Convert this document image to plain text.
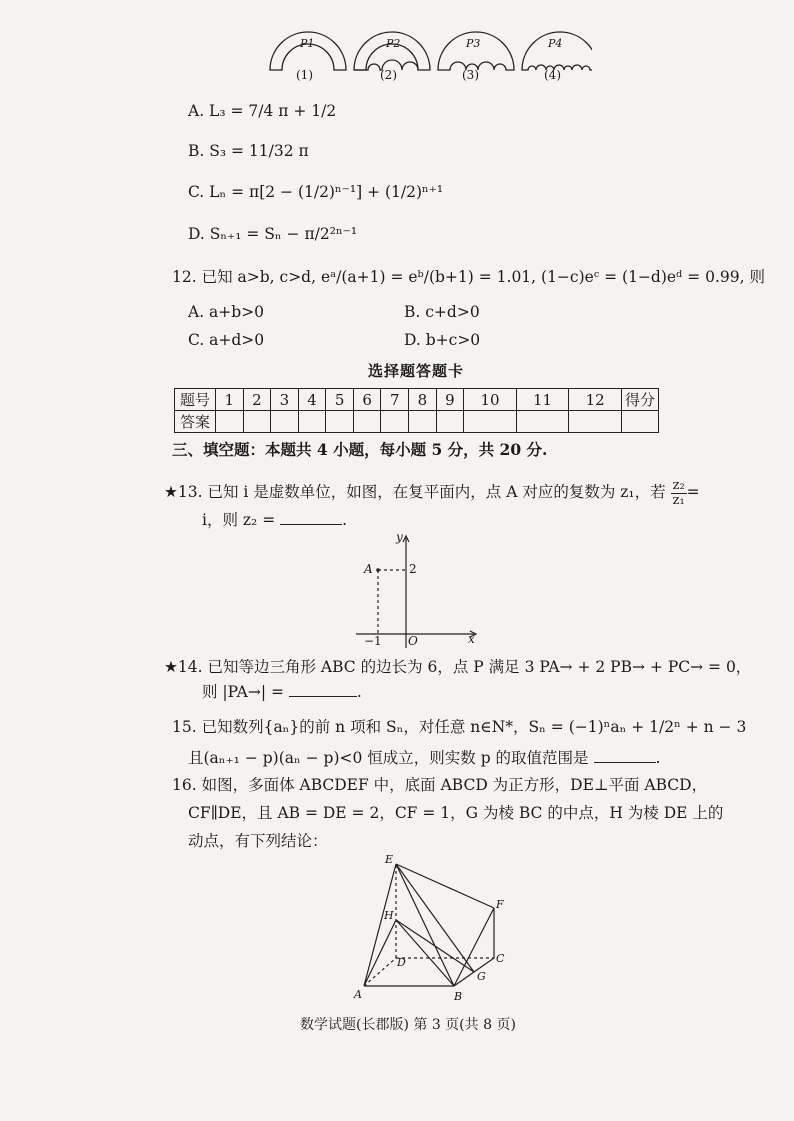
P1	P2	P3	P4
(1)	(2)	(3)	(4)
A. L₃ = 7/4 π + 1/2
B. S₃ = 11/32 π
C. Lₙ = π[2 − (1/2)ⁿ⁻¹] + (1/2)ⁿ⁺¹
D. Sₙ₊₁ = Sₙ − π/2²ⁿ⁻¹
12. 已知 a>b, c>d, eᵃ/(a+1) = eᵇ/(b+1) = 1.01, (1−c)eᶜ = (1−d)eᵈ = 0.99, 则
A. a+b>0	B. c+d>0
C. a+d>0	D. b+c>0
选择题答题卡
题号	1	2	3	4	5	6	7	8	9	10	11	12	得分
答案													
三、填空题：本题共 4 小题，每小题 5 分，共 20 分.
★13. 已知 i 是虚数单位，如图，在复平面内，点 A 对应的复数为 z₁，若 $\frac{\text{z₂}}{\text{z₁}}$ =
i，则 z₂ =	.
y
x
O
A	2
−1
★14. 已知等边三角形 ABC 的边长为 6，点 P 满足 3 PA→ + 2 PB→ + PC→ = 0，
则 |PA→| =	.
15. 已知数列{aₙ}的前 n 项和 Sₙ，对任意 n∈N*，Sₙ = (−1)ⁿaₙ + 1/2ⁿ + n − 3
且(aₙ₊₁ − p)(aₙ − p)<0 恒成立，则实数 p 的取值范围是	.
16. 如图，多面体 ABCDEF 中，底面 ABCD 为正方形，DE⊥平面 ABCD，
CF∥DE，且 AB = DE = 2，CF = 1，G 为棱 BC 的中点，H 为棱 DE 上的
动点，有下列结论：
E
F
H
D	C
G
A	B
数学试题(长郡版) 第 3 页(共 8 页)
